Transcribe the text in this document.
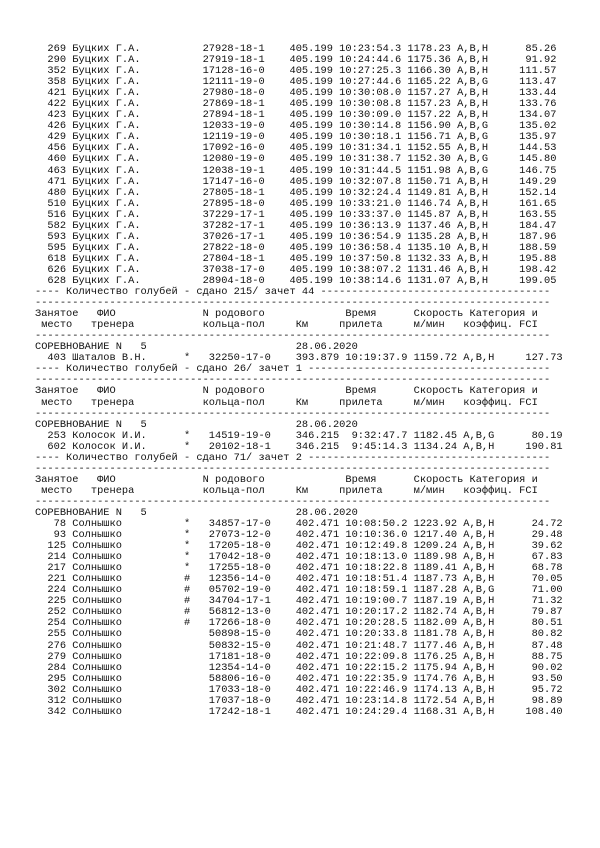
269 Буцких Г.А.          27928-18-1    405.199 10:23:54.3 1178.23 A,B,H      85.26
290 Буцких Г.А.          27919-18-1    405.199 10:24:44.6 1175.36 A,B,H      91.92
352 Буцких Г.А.          17128-16-0    405.199 10:27:25.3 1166.30 A,B,H     111.57
358 Буцких Г.А.          12111-19-0    405.199 10:27:44.6 1165.22 A,B,G     113.47
421 Буцких Г.А.          27980-18-0    405.199 10:30:08.0 1157.27 A,B,H     133.44
422 Буцких Г.А.          27869-18-1    405.199 10:30:08.8 1157.23 A,B,H     133.76
423 Буцких Г.А.          27894-18-1    405.199 10:30:09.0 1157.22 A,B,H     134.07
426 Буцких Г.А.          12033-19-0    405.199 10:30:14.8 1156.90 A,B,G     135.02
429 Буцких Г.А.          12119-19-0    405.199 10:30:18.1 1156.71 A,B,G     135.97
456 Буцких Г.А.          17092-16-0    405.199 10:31:34.1 1152.55 A,B,H     144.53
460 Буцких Г.А.          12080-19-0    405.199 10:31:38.7 1152.30 A,B,G     145.80
463 Буцких Г.А.          12038-19-1    405.199 10:31:44.5 1151.98 A,B,G     146.75
471 Буцких Г.А.          17147-16-0    405.199 10:32:07.8 1150.71 A,B,H     149.29
480 Буцких Г.А.          27805-18-1    405.199 10:32:24.4 1149.81 A,B,H     152.14
510 Буцких Г.А.          27895-18-0    405.199 10:33:21.0 1146.74 A,B,H     161.65
516 Буцких Г.А.          37229-17-1    405.199 10:33:37.0 1145.87 A,B,H     163.55
582 Буцких Г.А.          37282-17-1    405.199 10:36:13.9 1137.46 A,B,H     184.47
593 Буцких Г.А.          37026-17-1    405.199 10:36:54.9 1135.28 A,B,H     187.96
595 Буцких Г.А.          27822-18-0    405.199 10:36:58.4 1135.10 A,B,H     188.59
618 Буцких Г.А.          27804-18-1    405.199 10:37:50.8 1132.33 A,B,H     195.88
626 Буцких Г.А.          37038-17-0    405.199 10:38:07.2 1131.46 A,B,H     198.42
628 Буцких Г.А.          28904-18-0    405.199 10:38:14.6 1131.07 A,B,H     199.05
---- Количество голубей - сдано 215/ зачет 44 -------------------------------------
-----------------------------------------------------------------------------------
Занятое   ФИО              N родового             Время      Скорость Категория и
место   тренера           кольца-пол     Км     прилета     м/мин   коэффиц. FCI
-----------------------------------------------------------------------------------
СОРЕВНОВАНИЕ N   5                        28.06.2020
403 Шаталов В.Н.      *   32250-17-0    393.879 10:19:37.9 1159.72 A,B,H     127.73
---- Количество голубей - сдано 26/ зачет 1 ---------------------------------------
-----------------------------------------------------------------------------------
Занятое   ФИО              N родового             Время      Скорость Категория и
место   тренера           кольца-пол     Км     прилета     м/мин   коэффиц. FCI
-----------------------------------------------------------------------------------
СОРЕВНОВАНИЕ N   5                        28.06.2020
253 Колосок И.И.      *   14519-19-0    346.215  9:32:47.7 1182.45 A,B,G      80.19
602 Колосок И.И.      *   20102-18-1    346.215  9:45:14.3 1134.24 A,B,H     190.81
---- Количество голубей - сдано 71/ зачет 2 ---------------------------------------
-----------------------------------------------------------------------------------
Занятое   ФИО              N родового             Время      Скорость Категория и
место   тренера           кольца-пол     Км     прилета     м/мин   коэффиц. FCI
-----------------------------------------------------------------------------------
СОРЕВНОВАНИЕ N   5                        28.06.2020
78 Солнышко          *   34857-17-0    402.471 10:08:50.2 1223.92 A,B,H      24.72
93 Солнышко          *   27073-12-0    402.471 10:10:36.0 1217.40 A,B,H      29.48
125 Солнышко          *   17205-18-0    402.471 10:12:49.8 1209.24 A,B,H      39.62
214 Солнышко          *   17042-18-0    402.471 10:18:13.0 1189.98 A,B,H      67.83
217 Солнышко          *   17255-18-0    402.471 10:18:22.8 1189.41 A,B,H      68.78
221 Солнышко          #   12356-14-0    402.471 10:18:51.4 1187.73 A,B,H      70.05
224 Солнышко          #   05702-19-0    402.471 10:18:59.1 1187.28 A,B,G      71.00
225 Солнышко          #   34704-17-1    402.471 10:19:00.7 1187.19 A,B,H      71.32
252 Солнышко          #   56812-13-0    402.471 10:20:17.2 1182.74 A,B,H      79.87
254 Солнышко          #   17266-18-0    402.471 10:20:28.5 1182.09 A,B,H      80.51
255 Солнышко              50898-15-0    402.471 10:20:33.8 1181.78 A,B,H      80.82
276 Солнышко              50832-15-0    402.471 10:21:48.7 1177.46 A,B,H      87.48
279 Солнышко              17181-18-0    402.471 10:22:09.8 1176.25 A,B,H      88.75
284 Солнышко              12354-14-0    402.471 10:22:15.2 1175.94 A,B,H      90.02
295 Солнышко              58806-16-0    402.471 10:22:35.9 1174.76 A,B,H      93.50
302 Солнышко              17033-18-0    402.471 10:22:46.9 1174.13 A,B,H      95.72
312 Солнышко              17037-18-0    402.471 10:23:14.8 1172.54 A,B,H      98.89
342 Солнышко              17242-18-1    402.471 10:24:29.4 1168.31 A,B,H     108.40
